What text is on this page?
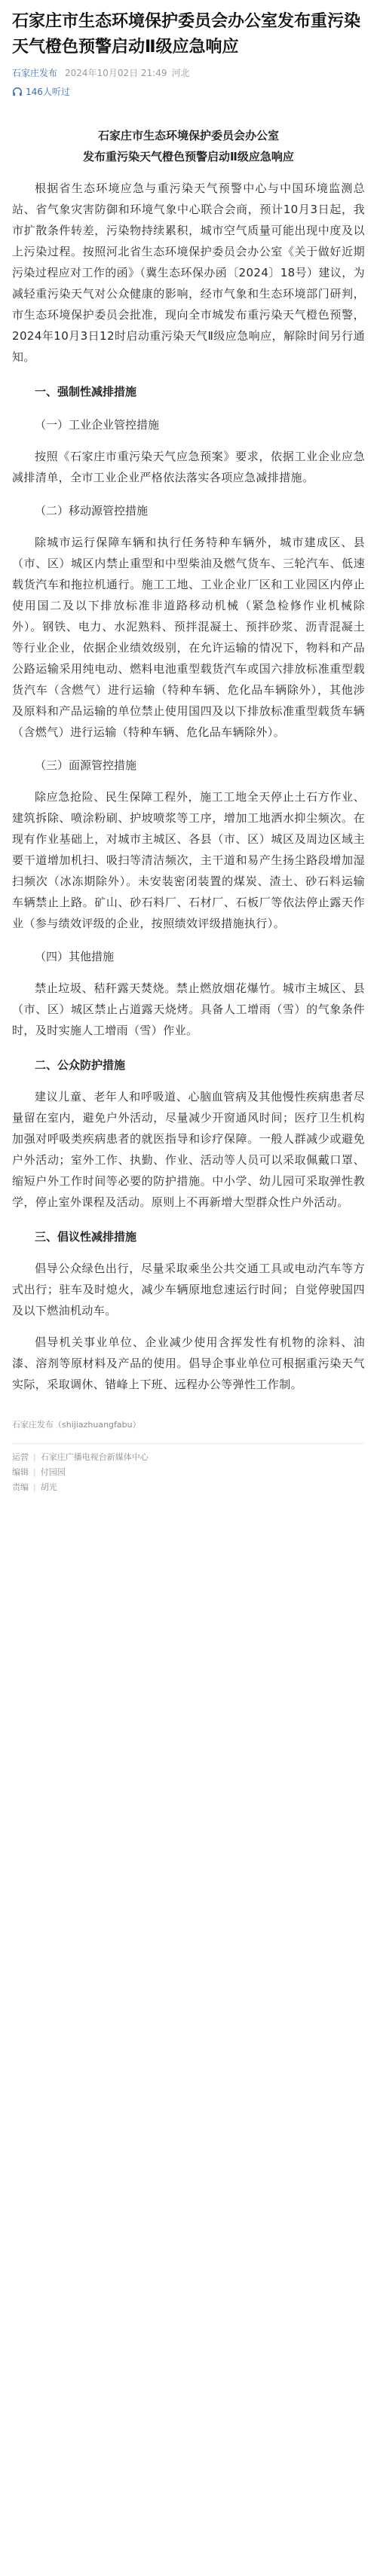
石家庄市生态环境保护委员会办公室发布重污染天气橙色预警启动Ⅱ级应急响应
石家庄发布 2024年10月02日 21:49 河北
146人听过
石家庄市生态环境保护委员会办公室
发布重污染天气橙色预警启动Ⅱ级应急响应

根据省生态环境应急与重污染天气预警中心与中国环境监测总站、省气象灾害防御和环境气象中心联合会商，预计10月3日起，我市扩散条件转差，污染物持续累积，城市空气质量可能出现中度及以上污染过程。按照河北省生态环境保护委员会办公室《关于做好近期污染过程应对工作的函》（冀生态环保办函〔2024〕18号）建议，为减轻重污染天气对公众健康的影响，经市气象和生态环境部门研判，市生态环境保护委员会批准，现向全市城发布重污染天气橙色预警，2024年10月3日12时启动重污染天气Ⅱ级应急响应，解除时间另行通知。

一、强制性减排措施

（一）工业企业管控措施

按照《石家庄市重污染天气应急预案》要求，依据工业企业应急减排清单，全市工业企业严格依法落实各项应急减排措施。

（二）移动源管控措施

除城市运行保障车辆和执行任务特种车辆外，城市建成区、县（市、区）城区内禁止重型和中型柴油及燃气货车、三轮汽车、低速载货汽车和拖拉机通行。施工工地、工业企业厂区和工业园区内停止使用国二及以下排放标准非道路移动机械（紧急检修作业机械除外）。钢铁、电力、水泥熟料、预拌混凝土、预拌砂浆、沥青混凝土等行业企业，依据企业绩效级别，在允许运输的情况下，物料和产品公路运输采用纯电动、燃料电池重型载货汽车或国六排放标准重型载货汽车（含燃气）进行运输（特种车辆、危化品车辆除外），其他涉及原料和产品运输的单位禁止使用国四及以下排放标准重型载货车辆（含燃气）进行运输（特种车辆、危化品车辆除外）。

（三）面源管控措施

除应急抢险、民生保障工程外，施工工地全天停止土石方作业、建筑拆除、喷涂粉刷、护坡喷浆等工序，增加工地洒水抑尘频次。在现有作业基础上，对城市主城区、各县（市、区）城区及周边区域主要干道增加机扫、吸扫等清洁频次，主干道和易产生扬尘路段增加湿扫频次（冰冻期除外）。未安装密闭装置的煤炭、渣土、砂石料运输车辆禁止上路。矿山、砂石料厂、石材厂、石板厂等依法停止露天作业（参与绩效评级的企业，按照绩效评级措施执行）。

（四）其他措施

禁止垃圾、秸秆露天焚烧。禁止燃放烟花爆竹。城市主城区、县（市、区）城区禁止占道露天烧烤。具备人工增雨（雪）的气象条件时，及时实施人工增雨（雪）作业。

二、公众防护措施

建议儿童、老年人和呼吸道、心脑血管病及其他慢性疾病患者尽量留在室内，避免户外活动，尽量减少开窗通风时间；医疗卫生机构加强对呼吸类疾病患者的就医指导和诊疗保障。一般人群减少或避免户外活动；室外工作、执勤、作业、活动等人员可以采取佩戴口罩、缩短户外工作时间等必要的防护措施。中小学、幼儿园可采取弹性教学，停止室外课程及活动。原则上不再新增大型群众性户外活动。

三、倡议性减排措施

倡导公众绿色出行，尽量采取乘坐公共交通工具或电动汽车等方式出行；驻车及时熄火，减少车辆原地怠速运行时间；自觉停驶国四及以下燃油机动车。

倡导机关事业单位、企业减少使用含挥发性有机物的涂料、油漆、溶剂等原材料及产品的使用。倡导企事业单位可根据重污染天气实际，采取调休、错峰上下班、远程办公等弹性工作制。

石家庄发布（shijiazhuangfabu）
运营 | 石家庄广播电视台新媒体中心
编辑 | 付园园
责编 | 胡光
